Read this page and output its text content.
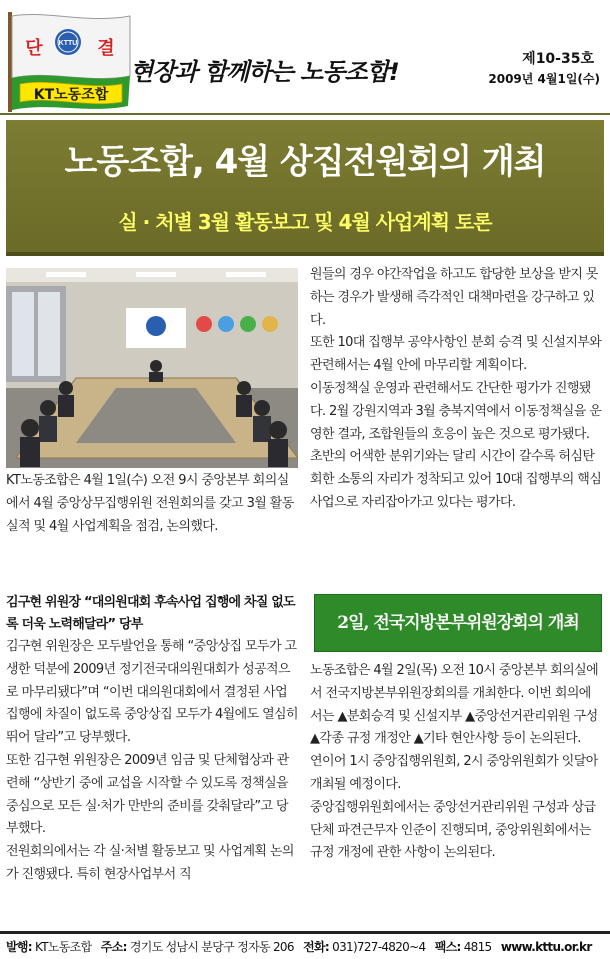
KTTU
단	결
KT노동조합
현장과 함께하는 노동조합!	제10-35호
2009년 4월1일(수)
노동조합, 4월 상집전원회의 개최
실 · 처별 3월 활동보고 및 4월 사업계획 토론

KT노동조합은 4월 1일(수) 오전 9시 중앙본부 회의실에서 4월 중앙상무집행위원 전원회의를 갖고 3월 활동실적 및 4월 사업계획을 점검, 논의했다.

김구현 위원장 “대의원대회 후속사업 집행에 차질 없도록 더욱 노력해달라” 당부

김구현 위원장은 모두발언을 통해 “중앙상집 모두가 고생한 덕분에 2009년 정기전국대의원대회가 성공적으로 마무리됐다”며 “이번 대의원대회에서 결정된 사업 집행에 차질이 없도록 중앙상집 모두가 4월에도 열심히 뛰어 달라”고 당부했다.

또한 김구현 위원장은 2009년 임금 및 단체협상과 관련해 “상반기 중에 교섭을 시작할 수 있도록 정책실을 중심으로 모든 실·처가 만반의 준비를 갖춰달라”고 당부했다.

전원회의에서는 각 실·처별 활동보고 및 사업계획 논의가 진행됐다. 특히 현장사업부서 직

원들의 경우 야간작업을 하고도 합당한 보상을 받지 못하는 경우가 발생해 즉각적인 대책마련을 강구하고 있다.

또한 10대 집행부 공약사항인 분회 승격 및 신설지부와 관련해서는 4월 안에 마무리할 계획이다.

이동정책실 운영과 관련해서도 간단한 평가가 진행됐다. 2월 강원지역과 3월 충북지역에서 이동정책실을 운영한 결과, 조합원들의 호응이 높은 것으로 평가됐다. 초반의 어색한 분위기와는 달리 시간이 갈수록 허심탄회한 소통의 자리가 정착되고 있어 10대 집행부의 핵심사업으로 자리잡아가고 있다는 평가다.

2일, 전국지방본부위원장회의 개최

노동조합은 4월 2일(목) 오전 10시 중앙본부 회의실에서 전국지방본부위원장회의를 개최한다. 이번 회의에서는 ▲분회승격 및 신설지부 ▲중앙선거관리위원 구성 ▲각종 규정 개정안 ▲기타 현안사항 등이 논의된다.

연이어 1시 중앙집행위원회, 2시 중앙위원회가 잇달아 개최될 예정이다.

중앙집행위원회에서는 중앙선거관리위원 구성과 상급단체 파견근무자 인준이 진행되며, 중앙위원회에서는 규정 개정에 관한 사항이 논의된다.

발행: KT노동조합 주소: 경기도 성남시 분당구 정자동 206 전화: 031)727-4820~4 팩스: 4815 www.kttu.or.kr
